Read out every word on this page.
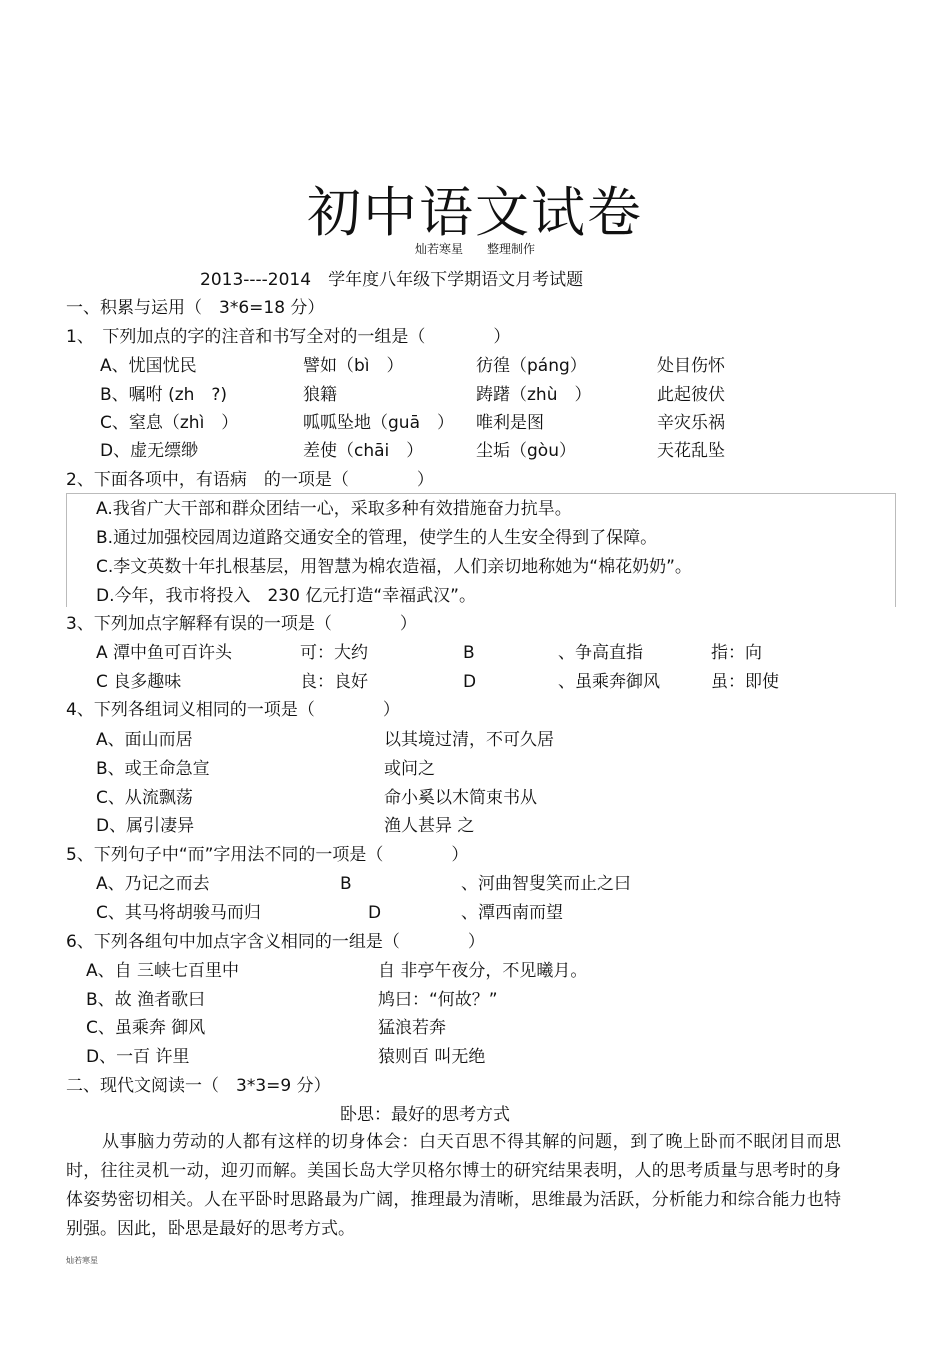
初中语文试卷
灿若寒星　　整理制作
2013----2014　学年度八年级下学期语文月考试题
一、积累与运用（　3*6=18 分）
1、　下列加点的字的注音和书写全对的一组是（　　　　）
A、忧国忧民	譬如（bì　）	彷徨（páng）	处目伤怀
B、嘱咐 (zh　?)	狼籍	踌躇（zhù　）	此起彼伏
C、窒息（zhì　）	呱呱坠地（guā　） 唯利是图	辛灾乐祸
D、虚无缥缈	差使（chāi　）	尘垢（gòu）	天花乱坠
2、下面各项中，有语病　的一项是（　　　　）
A.我省广大干部和群众团结一心，采取多种有效措施奋力抗旱。
B.通过加强校园周边道路交通安全的管理，使学生的人生安全得到了保障。
C.李文英数十年扎根基层，用智慧为棉农造福，人们亲切地称她为“棉花奶奶”。
D.今年，我市将投入　230 亿元打造“幸福武汉”。
3、下列加点字解释有误的一项是（　　　　）
A 潭中鱼可百许头	可：大约	B	、争高直指	指：向
C 良多趣味	良：良好	D	、虽乘奔御风	虽：即使
4、下列各组词义相同的一项是（　　　　）
A、面山而居	以其境过清，不可久居
B、或王命急宣	或问之
C、从流飘荡	命小奚以木简束书从
D、属引凄异	渔人甚异 之
5、下列句子中“而”字用法不同的一项是（　　　　）
A、乃记之而去	B	、河曲智叟笑而止之曰
C、其马将胡骏马而归	D	、潭西南而望
6、下列各组句中加点字含义相同的一组是（　　　　）
A、自 三峡七百里中	自 非亭午夜分，不见曦月。
B、故 渔者歌曰	鸠曰：“何故？”
C、虽乘奔 御风	猛浪若奔
D、一百 许里	猿则百 叫无绝
二、现代文阅读一（　3*3=9 分）
卧思：最好的思考方式
从事脑力劳动的人都有这样的切身体会：白天百思不得其解的问题，到了晚上卧而不眠闭目而思时，往往灵机一动，迎刃而解。美国长岛大学贝格尔博士的研究结果表明，人的思考质量与思考时的身体姿势密切相关。人在平卧时思路最为广阔，推理最为清晰，思维最为活跃，分析能力和综合能力也特别强。因此，卧思是最好的思考方式。
灿若寒星
